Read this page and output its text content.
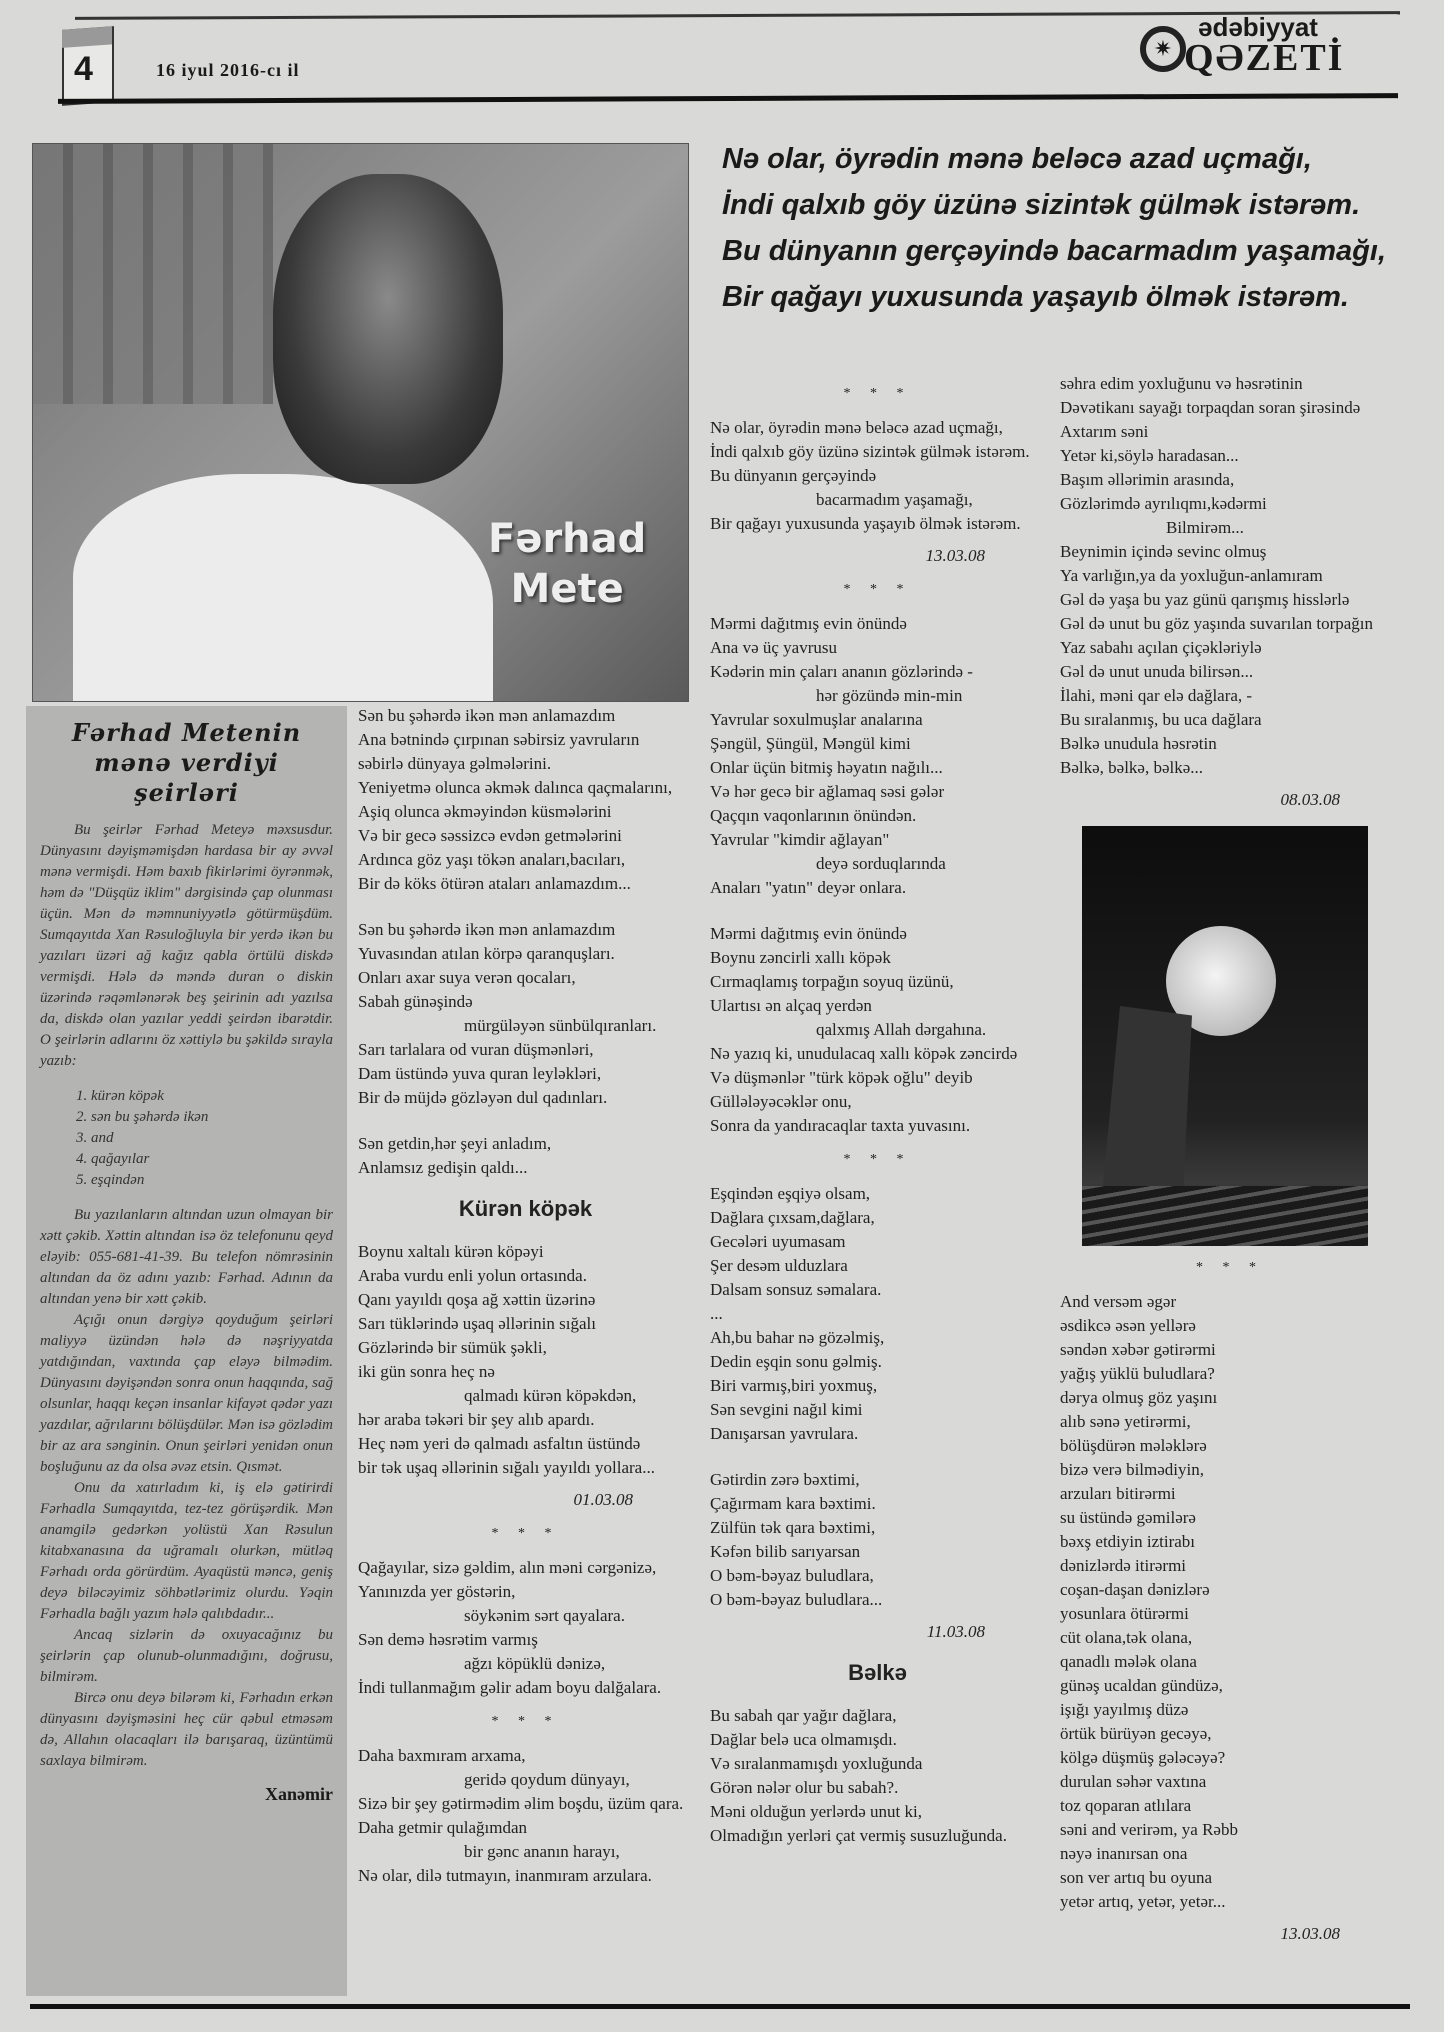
4	16 iyul 2016-cı il
✷
ədəbiyyat
QƏZETİ
Fərhad
Mete
Nə olar, öyrədin mənə beləcə azad uçmağı,
İndi qalxıb göy üzünə sizintək gülmək istərəm.
Bu dünyanın gerçəyində bacarmadım yaşamağı,
Bir qağayı yuxusunda yaşayıb ölmək istərəm.
Fərhad Metenin mənə verdiyi şeirləri

Bu şeirlər Fərhad Meteyə məxsusdur. Dünyasını dəyişməmişdən hardasa bir ay əvvəl mənə vermişdi. Həm baxıb fikirlərimi öyrənmək, həm də "Düşqüz iklim" dərgisində çap olunması üçün. Mən də məmnuniyyətlə götürmüşdüm. Sumqayıtda Xan Rəsuloğluyla bir yerdə ikən bu yazıları üzəri ağ kağız qabla örtülü diskdə vermişdi. Hələ də məndə duran o diskin üzərində rəqəmlənərək beş şeirinin adı yazılsa da, diskdə olan yazılar yeddi şeirdən ibarətdir. O şeirlərin adlarını öz xəttiylə bu şəkildə sırayla yazıb:

1. kürən köpək
2. sən bu şəhərdə ikən
3. and
4. qağayılar
5. eşqindən

Bu yazılanların altından uzun olmayan bir xətt çəkib. Xəttin altından isə öz telefonunu qeyd eləyib: 055-681-41-39. Bu telefon nömrəsinin altından da öz adını yazıb: Fərhad. Adının da altından yenə bir xətt çəkib.

Açığı onun dərgiyə qoyduğum şeirləri maliyyə üzündən hələ də nəşriyyatda yatdığından, vaxtında çap eləyə bilmədim. Dünyasını dəyişəndən sonra onun haqqında, sağ olsunlar, haqqı keçən insanlar kifayət qədər yazı yazdılar, ağrılarını bölüşdülər. Mən isə gözlədim bir az ara sənginin. Onun şeirləri yenidən onun boşluğunu az da olsa əvəz etsin. Qısmət.

Onu da xatırladım ki, iş elə gətirirdi Fərhadla Sumqayıtda, tez-tez görüşərdik. Mən anamgilə gedərkən yolüstü Xan Rəsulun kitabxanasına da uğramalı olurkən, mütləq Fərhadı orda görürdüm. Ayaqüstü məncə, geniş deyə biləcəyimiz söhbətlərimiz olurdu. Yəqin Fərhadla bağlı yazım hələ qalıbdadır...

Ancaq sizlərin də oxuyacağınız bu şeirlərin çap olunub-olunmadığını, doğrusu, bilmirəm.

Bircə onu deyə bilərəm ki, Fərhadın erkən dünyasını dəyişməsini heç cür qəbul etməsəm də, Allahın olacaqları ilə barışaraq, üzüntümü saxlaya bilmirəm.

Xanəmir
Sən bu şəhərdə ikən mən anlamazdım
Ana bətnində çırpınan səbirsiz yavruların
səbirlə dünyaya gəlmələrini.
Yeniyetmə olunca əkmək dalınca qaçmalarını,
Aşiq olunca əkməyindən küsmələrini
Və bir gecə səssizcə evdən getmələrini
Ardınca göz yaşı tökən anaları,bacıları,
Bir də köks ötürən ataları anlamazdım...
Sən bu şəhərdə ikən mən anlamazdım
Yuvasından atılan körpə qaranquşları.
Onları axar suya verən qocaları,
Sabah günəşində
mürgüləyən sünbülqıranları.
Sarı tarlalara od vuran düşmənləri,
Dam üstündə yuva quran leyləkləri,
Bir də müjdə gözləyən dul qadınları.
Sən getdin,hər şeyi anladım,
Anlamsız gedişin qaldı...
Kürən köpək
Boynu xaltalı kürən köpəyi
Araba vurdu enli yolun ortasında.
Qanı yayıldı qoşa ağ xəttin üzərinə
Sarı tüklərində uşaq əllərinin sığalı
Gözlərində bir sümük şəkli,
iki gün sonra heç nə
qalmadı kürən köpəkdən,
hər araba təkəri bir şey alıb apardı.
Heç nəm yeri də qalmadı asfaltın üstündə
bir tək uşaq əllərinin sığalı yayıldı yollara...
01.03.08
* * *
Qağayılar, sizə gəldim, alın məni cərgənizə,
Yanınızda yer göstərin,
söykənim sərt qayalara.
Sən demə həsrətim varmış
ağzı köpüklü dənizə,
İndi tullanmağım gəlir adam boyu dalğalara.
* * *
Daha baxmıram arxama,
geridə qoydum dünyayı,
Sizə bir şey gətirmədim əlim boşdu, üzüm qara.
Daha getmir qulağımdan
bir gənc ananın harayı,
Nə olar, dilə tutmayın, inanmıram arzulara.
* * *
Nə olar, öyrədin mənə beləcə azad uçmağı,
İndi qalxıb göy üzünə sizintək gülmək istərəm.
Bu dünyanın gerçəyində
bacarmadım yaşamağı,
Bir qağayı yuxusunda yaşayıb ölmək istərəm.
13.03.08
* * *
Mərmi dağıtmış evin önündə
Ana və üç yavrusu
Kədərin min çaları ananın gözlərində -
hər gözündə min-min
Yavrular soxulmuşlar analarına
Şəngül, Şüngül, Məngül kimi
Onlar üçün bitmiş həyatın nağılı...
Və hər gecə bir ağlamaq səsi gələr
Qaçqın vaqonlarının önündən.
Yavrular "kimdir ağlayan"
deyə sorduqlarında
Anaları "yatın" deyər onlara.
Mərmi dağıtmış evin önündə
Boynu zəncirli xallı köpək
Cırmaqlamış torpağın soyuq üzünü,
Ulartısı ən alçaq yerdən
qalxmış Allah dərgahına.
Nə yazıq ki, unudulacaq xallı köpək zəncirdə
Və düşmənlər "türk köpək oğlu" deyib
Güllələyəcəklər onu,
Sonra da yandıracaqlar taxta yuvasını.
* * *
Eşqindən eşqiyə olsam,
Dağlara çıxsam,dağlara,
Gecələri uyumasam
Şer desəm ulduzlara
Dalsam sonsuz səmalara.
...
Ah,bu bahar nə gözəlmiş,
Dedin eşqin sonu gəlmiş.
Biri varmış,biri yoxmuş,
Sən sevgini nağıl kimi
Danışarsan yavrulara.
Gətirdin zərə bəxtimi,
Çağırmam kara bəxtimi.
Zülfün tək qara bəxtimi,
Kəfən bilib sarıyarsan
O bəm-bəyaz buludlara,
O bəm-bəyaz buludlara...
11.03.08
Bəlkə
Bu sabah qar yağır dağlara,
Dağlar belə uca olmamışdı.
Və sıralanmamışdı yoxluğunda
Görən nələr olur bu sabah?.
Məni olduğun yerlərdə unut ki,
Olmadığın yerləri çat vermiş susuzluğunda.
səhra edim yoxluğunu və həsrətinin
Dəvətikanı sayağı torpaqdan soran şirəsində
Axtarım səni
Yetər ki,söylə haradasan...
Başım əllərimin arasında,
Gözlərimdə ayrılıqmı,kədərmi
Bilmirəm...
Beynimin içində sevinc olmuş
Ya varlığın,ya da yoxluğun-anlamıram
Gəl də yaşa bu yaz günü qarışmış hisslərlə
Gəl də unut bu göz yaşında suvarılan torpağın
Yaz sabahı açılan çiçəkləriylə
Gəl də unut unuda bilirsən...
İlahi, məni qar elə dağlara, -
Bu sıralanmış, bu uca dağlara
Bəlkə unudula həsrətin
Bəlkə, bəlkə, bəlkə...
08.03.08
* * *
And versəm əgər
əsdikcə əsən yellərə
səndən xəbər gətirərmi
yağış yüklü buludlara?
dərya olmuş göz yaşını
alıb sənə yetirərmi,
bölüşdürən mələklərə
bizə verə bilmədiyin,
arzuları bitirərmi
su üstündə gəmilərə
bəxş etdiyin iztirabı
dənizlərdə itirərmi
coşan-daşan dənizlərə
yosunlara ötürərmi
cüt olana,tək olana,
qanadlı mələk olana
günəş ucaldan gündüzə,
işığı yayılmış düzə
örtük bürüyən gecəyə,
kölgə düşmüş gələcəyə?
durulan səhər vaxtına
toz qoparan atlılara
səni and verirəm, ya Rəbb
nəyə inanırsan ona
son ver artıq bu oyuna
yetər artıq, yetər, yetər...
13.03.08
